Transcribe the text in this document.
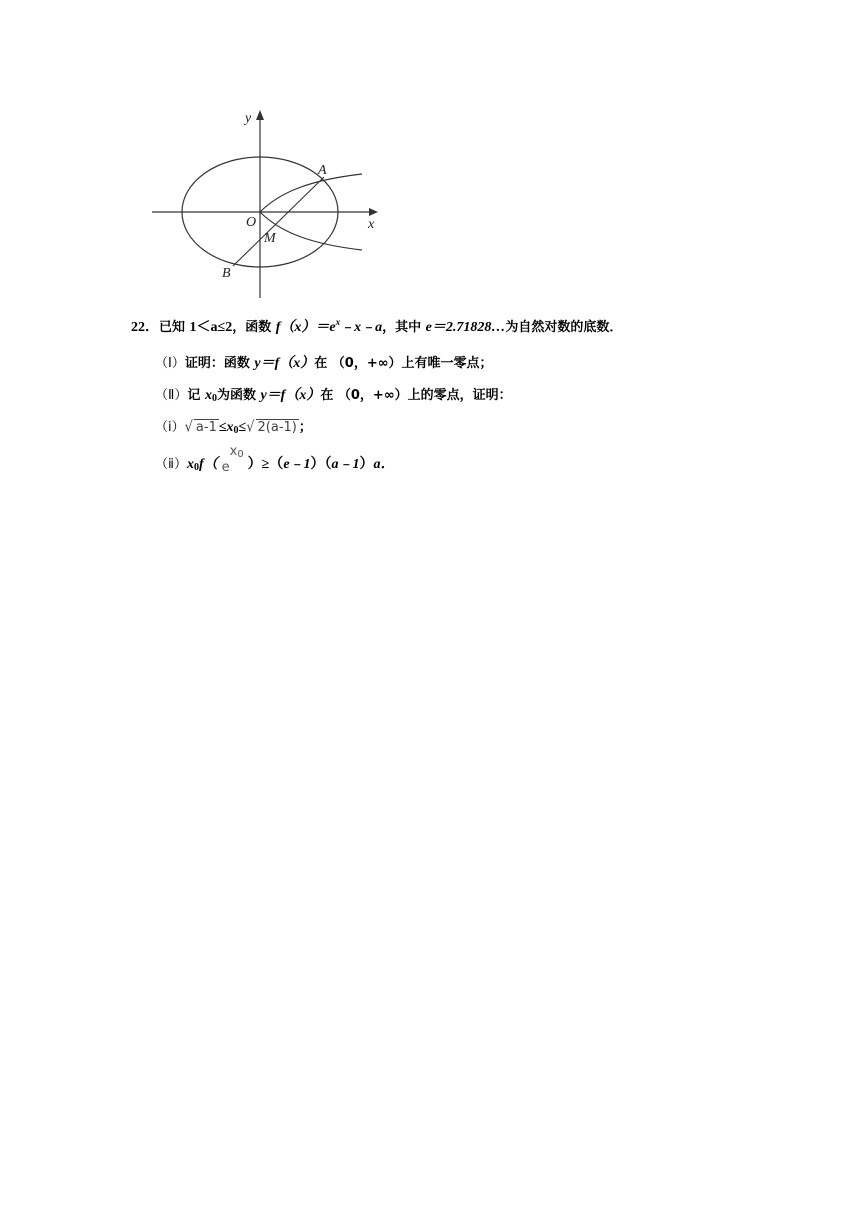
y
x
O
A
M
B
22．已知 1＜a≤2，函数 $f(x)=e^x﹣x﹣a$，其中 e＝2.71828…为自然对数的底数．
（Ⅰ）证明：函数 y＝f（x）在 （0，+∞）上有唯一零点；
（Ⅱ）记 $x_0$为函数 y＝f（x）在 （0，+∞）上的零点，证明：
（ⅰ）√ $a-1 \le x_0\le√$ 2(a-1) ；
$(ⅱ)x_0f$（ e
x0
）≥（e﹣1）（a﹣1）a．
